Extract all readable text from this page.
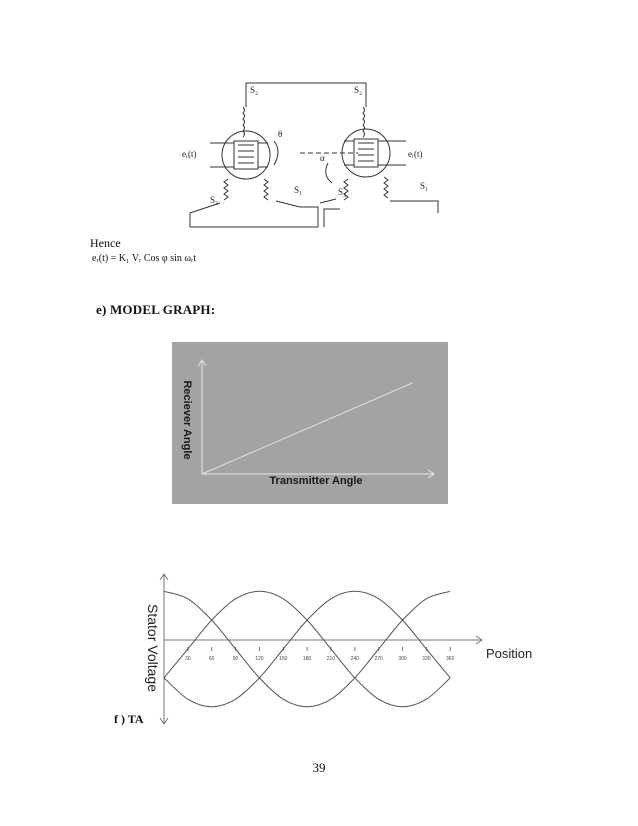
S₂	S₂
S₁	S₁
S₃
S₃
θ
α
eᵣ(t)	eᵣ(t)
Hence
eᵣ(t) = K₁ Vᵣ Cos φ sin ωᵣt
e) MODEL GRAPH:
Transmitter Angle
Reciever Angle
30	60	90	120	150	180	210	240	270	300	330	360 Position
Stator Voltage
f ) TA
39
